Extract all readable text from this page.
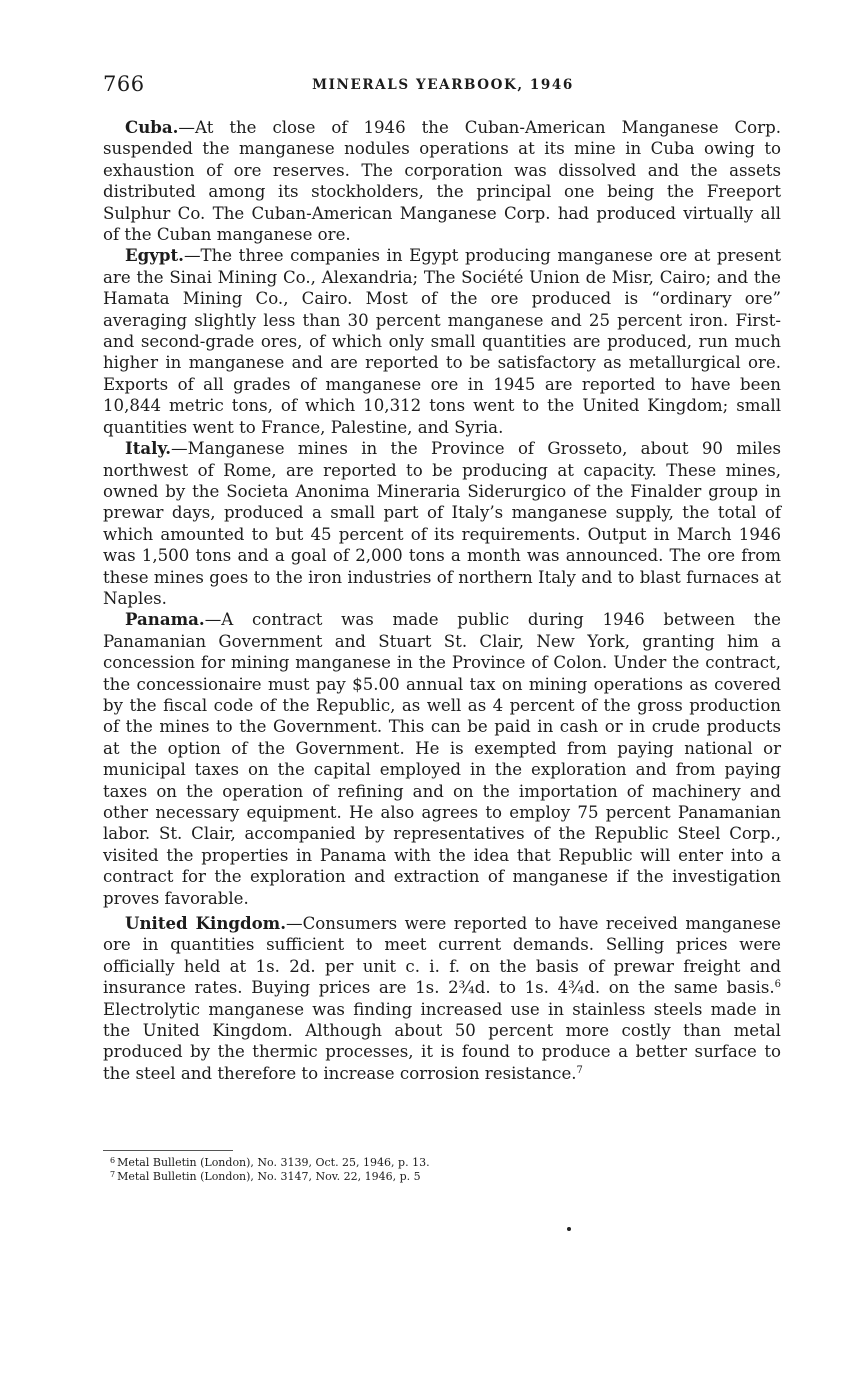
766	MINERALS YEARBOOK, 1946

Cuba.—At the close of 1946 the Cuban-American Manganese Corp. suspended the manganese nodules operations at its mine in Cuba owing to exhaustion of ore reserves. The corporation was dissolved and the assets distributed among its stockholders, the principal one being the Freeport Sulphur Co. The Cuban-American Manganese Corp. had produced virtually all of the Cuban manganese ore.

Egypt.—The three companies in Egypt producing manganese ore at present are the Sinai Mining Co., Alexandria; The Société Union de Misr, Cairo; and the Hamata Mining Co., Cairo. Most of the ore produced is “ordinary ore” averaging slightly less than 30 percent manganese and 25 percent iron. First- and second-grade ores, of which only small quantities are produced, run much higher in manganese and are reported to be satisfactory as metallurgical ore. Exports of all grades of manganese ore in 1945 are reported to have been 10,844 metric tons, of which 10,312 tons went to the United Kingdom; small quantities went to France, Palestine, and Syria.

Italy.—Manganese mines in the Province of Grosseto, about 90 miles northwest of Rome, are reported to be producing at capacity. These mines, owned by the Societa Anonima Mineraria Siderurgico of the Finalder group in prewar days, produced a small part of Italy’s manganese supply, the total of which amounted to but 45 percent of its requirements. Output in March 1946 was 1,500 tons and a goal of 2,000 tons a month was announced. The ore from these mines goes to the iron industries of northern Italy and to blast furnaces at Naples.

Panama.—A contract was made public during 1946 between the Panamanian Government and Stuart St. Clair, New York, granting him a concession for mining manganese in the Province of Colon. Under the contract, the concessionaire must pay $5.00 annual tax on mining operations as covered by the fiscal code of the Republic, as well as 4 percent of the gross production of the mines to the Government. This can be paid in cash or in crude products at the option of the Government. He is exempted from paying national or municipal taxes on the capital employed in the exploration and from paying taxes on the operation of refining and on the importation of machinery and other necessary equipment. He also agrees to employ 75 percent Panamanian labor. St. Clair, accompanied by representatives of the Republic Steel Corp., visited the properties in Panama with the idea that Republic will enter into a contract for the exploration and extraction of manganese if the investigation proves favorable.

United Kingdom.—Consumers were reported to have received manganese ore in quantities sufficient to meet current demands. Selling prices were officially held at 1s. 2d. per unit c. i. f. on the basis of prewar freight and insurance rates. Buying prices are 1s. 2¾d. to 1s. 4¾d. on the same basis.$^6$ Electrolytic manganese was finding increased use in stainless steels made in the United Kingdom. Although about 50 percent more costly than metal produced by the thermic processes, it is found to produce a better surface to the steel and therefore to increase corrosion resistance.$^7$

$^6$ Metal Bulletin (London), No. 3139, Oct. 25, 1946, p. 13.

$^7$ Metal Bulletin (London), No. 3147, Nov. 22, 1946, p. 5
